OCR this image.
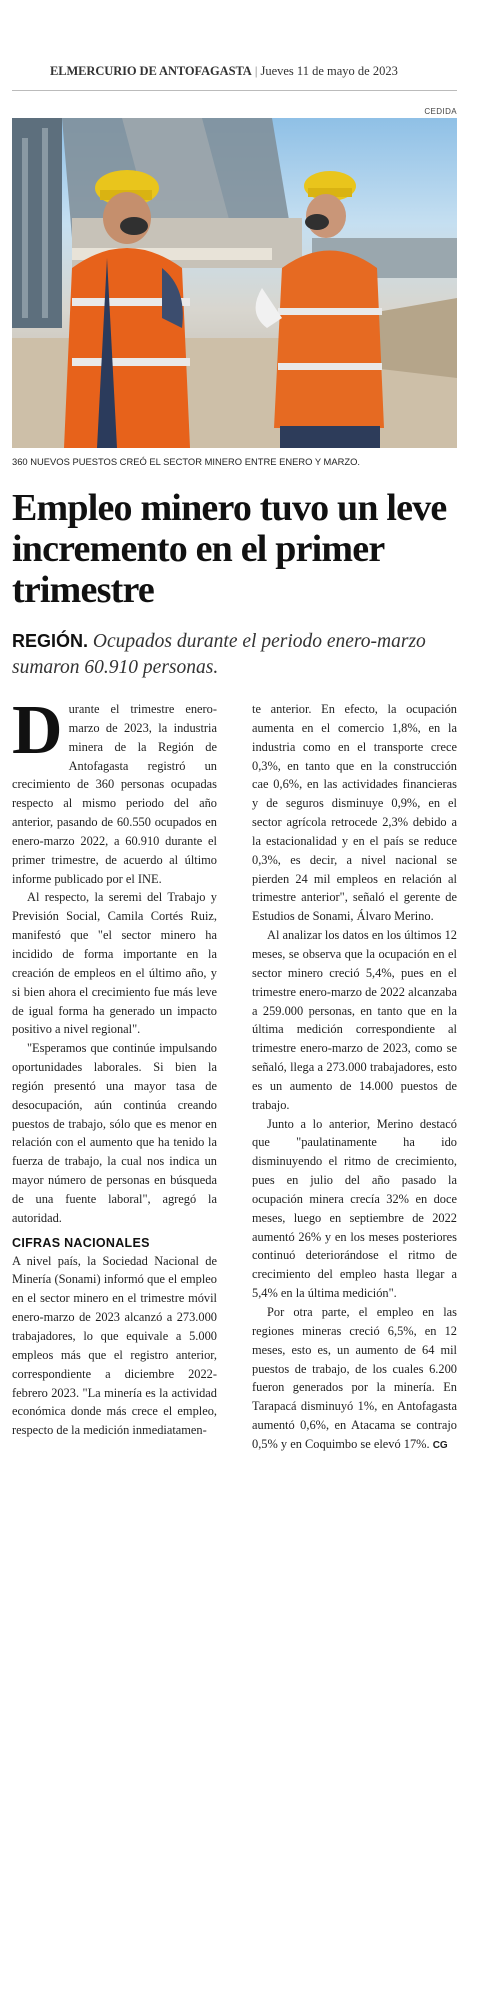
ELMERCURIO DE ANTOFAGASTA | Jueves 11 de mayo de 2023
CEDIDA
360 NUEVOS PUESTOS CREÓ EL SECTOR MINERO ENTRE ENERO Y MARZO.
Empleo minero tuvo un leve incremento en el primer trimestre
REGIÓN. Ocupados durante el periodo enero-marzo sumaron 60.910 personas.

Durante el trimestre enero-marzo de 2023, la industria minera de la Región de Antofagasta registró un crecimiento de 360 personas ocupadas respecto al mismo periodo del año anterior, pasando de 60.550 ocupados en enero-marzo 2022, a 60.910 durante el primer trimestre, de acuerdo al último informe publicado por el INE.

Al respecto, la seremi del Trabajo y Previsión Social, Camila Cortés Ruiz, manifestó que "el sector minero ha incidido de forma importante en la creación de empleos en el último año, y si bien ahora el crecimiento fue más leve de igual forma ha generado un impacto positivo a nivel regional".

"Esperamos que continúe impulsando oportunidades laborales. Si bien la región presentó una mayor tasa de desocupación, aún continúa creando puestos de trabajo, sólo que es menor en relación con el aumento que ha tenido la fuerza de trabajo, la cual nos indica un mayor número de personas en búsqueda de una fuente laboral", agregó la autoridad.

CIFRAS NACIONALES

A nivel país, la Sociedad Nacional de Minería (Sonami) informó que el empleo en el sector minero en el trimestre móvil enero-marzo de 2023 alcanzó a 273.000 trabajadores, lo que equivale a 5.000 empleos más que el registro anterior, correspondiente a diciembre 2022-febrero 2023. "La minería es la actividad económica donde más crece el empleo, respecto de la medición inmediatamen-

te anterior. En efecto, la ocupación aumenta en el comercio 1,8%, en la industria como en el transporte crece 0,3%, en tanto que en la construcción cae 0,6%, en las actividades financieras y de seguros disminuye 0,9%, en el sector agrícola retrocede 2,3% debido a la estacionalidad y en el país se reduce 0,3%, es decir, a nivel nacional se pierden 24 mil empleos en relación al trimestre anterior", señaló el gerente de Estudios de Sonami, Álvaro Merino.

Al analizar los datos en los últimos 12 meses, se observa que la ocupación en el sector minero creció 5,4%, pues en el trimestre enero-marzo de 2022 alcanzaba a 259.000 personas, en tanto que en la última medición correspondiente al trimestre enero-marzo de 2023, como se señaló, llega a 273.000 trabajadores, esto es un aumento de 14.000 puestos de trabajo.

Junto a lo anterior, Merino destacó que "paulatinamente ha ido disminuyendo el ritmo de crecimiento, pues en julio del año pasado la ocupación minera crecía 32% en doce meses, luego en septiembre de 2022 aumentó 26% y en los meses posteriores continuó deteriorándose el ritmo de crecimiento del empleo hasta llegar a 5,4% en la última medición".

Por otra parte, el empleo en las regiones mineras creció 6,5%, en 12 meses, esto es, un aumento de 64 mil puestos de trabajo, de los cuales 6.200 fueron generados por la minería. En Tarapacá disminuyó 1%, en Antofagasta aumentó 0,6%, en Atacama se contrajo 0,5% y en Coquimbo se elevó 17%. CG
